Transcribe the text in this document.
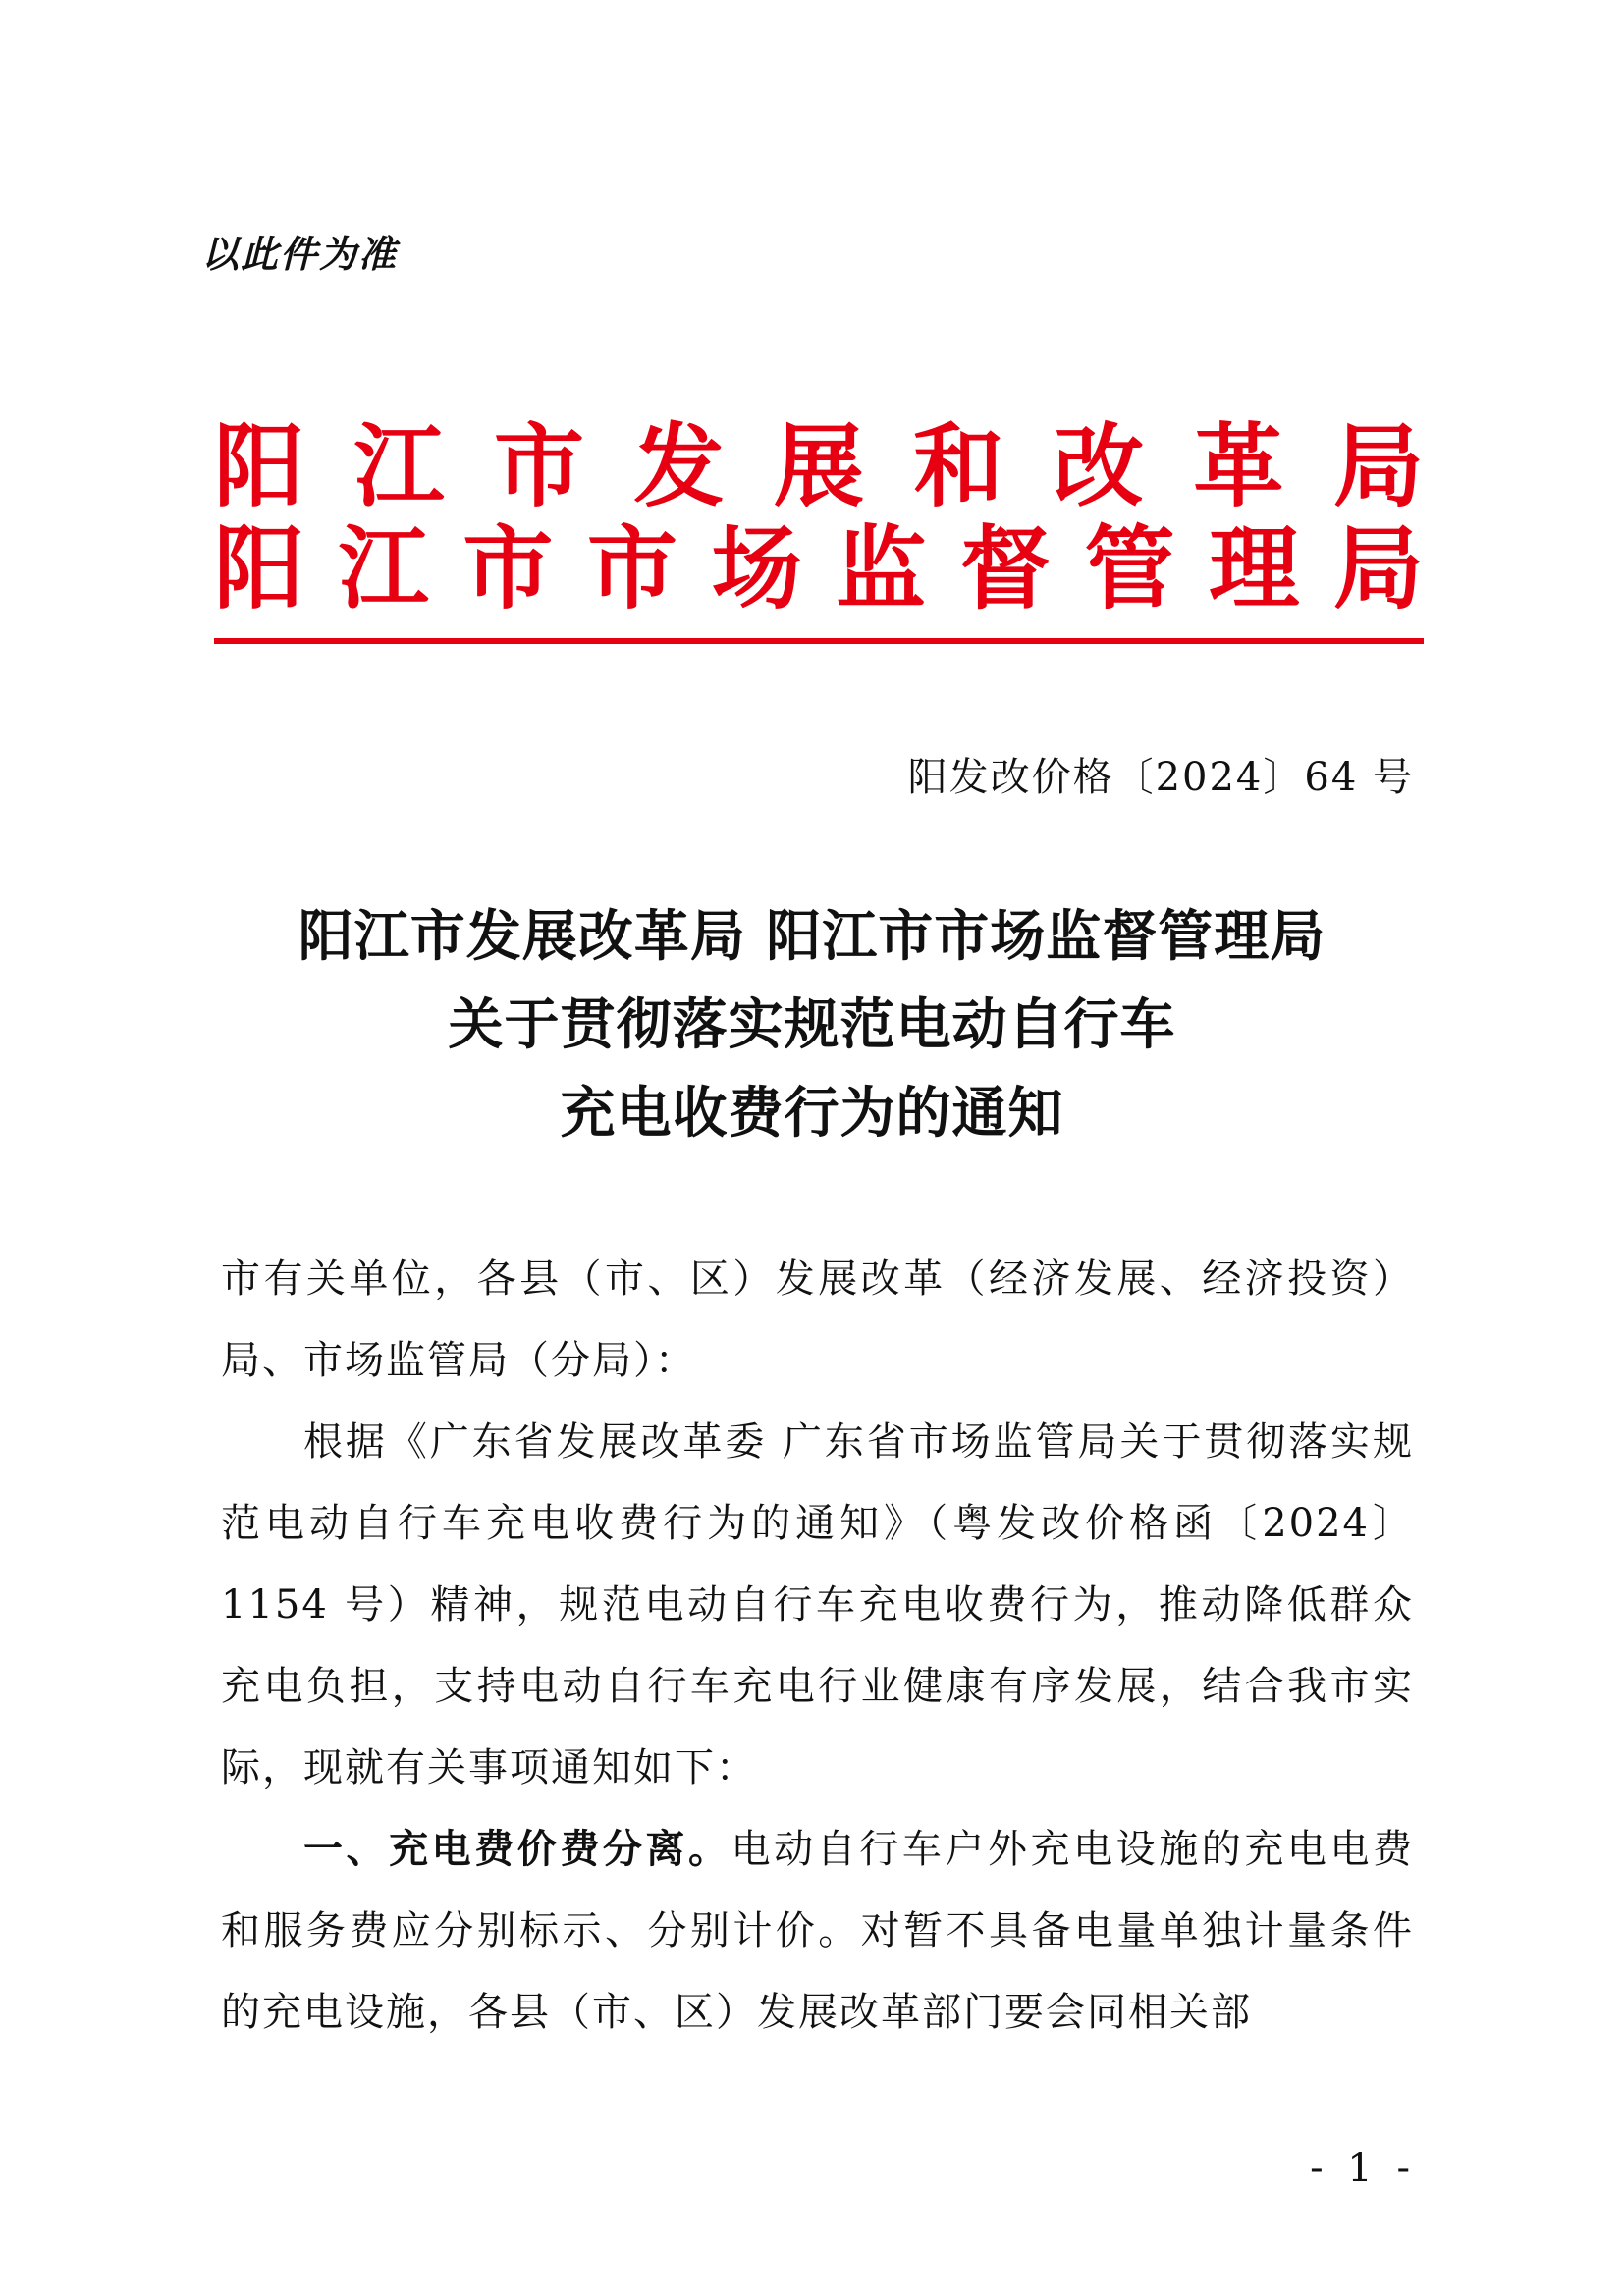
以此件为准
阳 江 市 发 展 和 改 革 局
阳 江 市 市 场 监 督 管 理 局
阳发改价格〔2024〕64 号
阳江市发展改革局 阳江市市场监督管理局
关于贯彻落实规范电动自行车
充电收费行为的通知
市有关单位，各县（市、区）发展改革（经济发展、经济投资）局、市场监管局（分局）：
根据《广东省发展改革委 广东省市场监管局关于贯彻落实规范电动自行车充电收费行为的通知》（粤发改价格函〔2024〕1154 号）精神，规范电动自行车充电收费行为，推动降低群众充电负担，支持电动自行车充电行业健康有序发展，结合我市实际，现就有关事项通知如下：
一、充电费价费分离。电动自行车户外充电设施的充电电费和服务费应分别标示、分别计价。对暂不具备电量单独计量条件的充电设施，各县（市、区）发展改革部门要会同相关部
- 1 -
